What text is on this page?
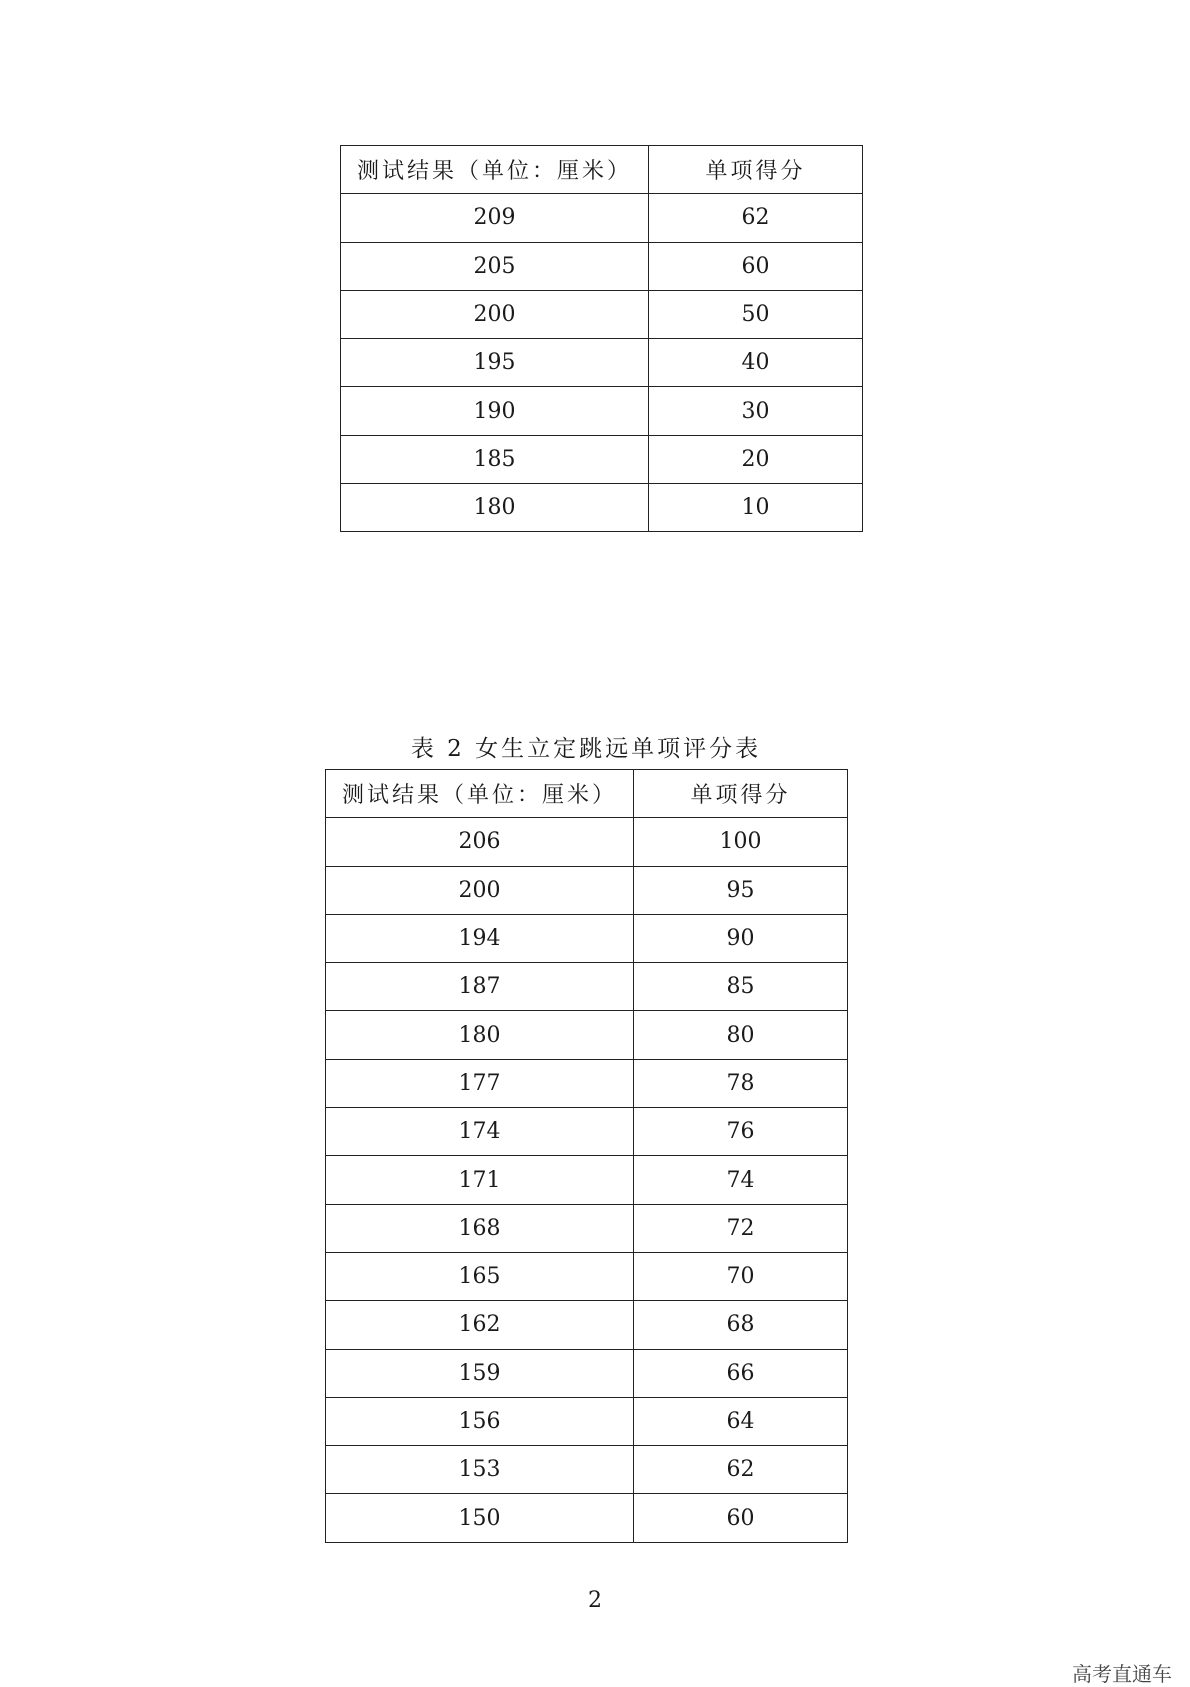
测试结果（单位：厘米）	单项得分
209	62
205	60
200	50
195	40
190	30
185	20
180	10
表 2 女生立定跳远单项评分表
测试结果（单位：厘米）	单项得分
206	100
200	95
194	90
187	85
180	80
177	78
174	76
171	74
168	72
165	70
162	68
159	66
156	64
153	62
150	60
2
高考直通车
